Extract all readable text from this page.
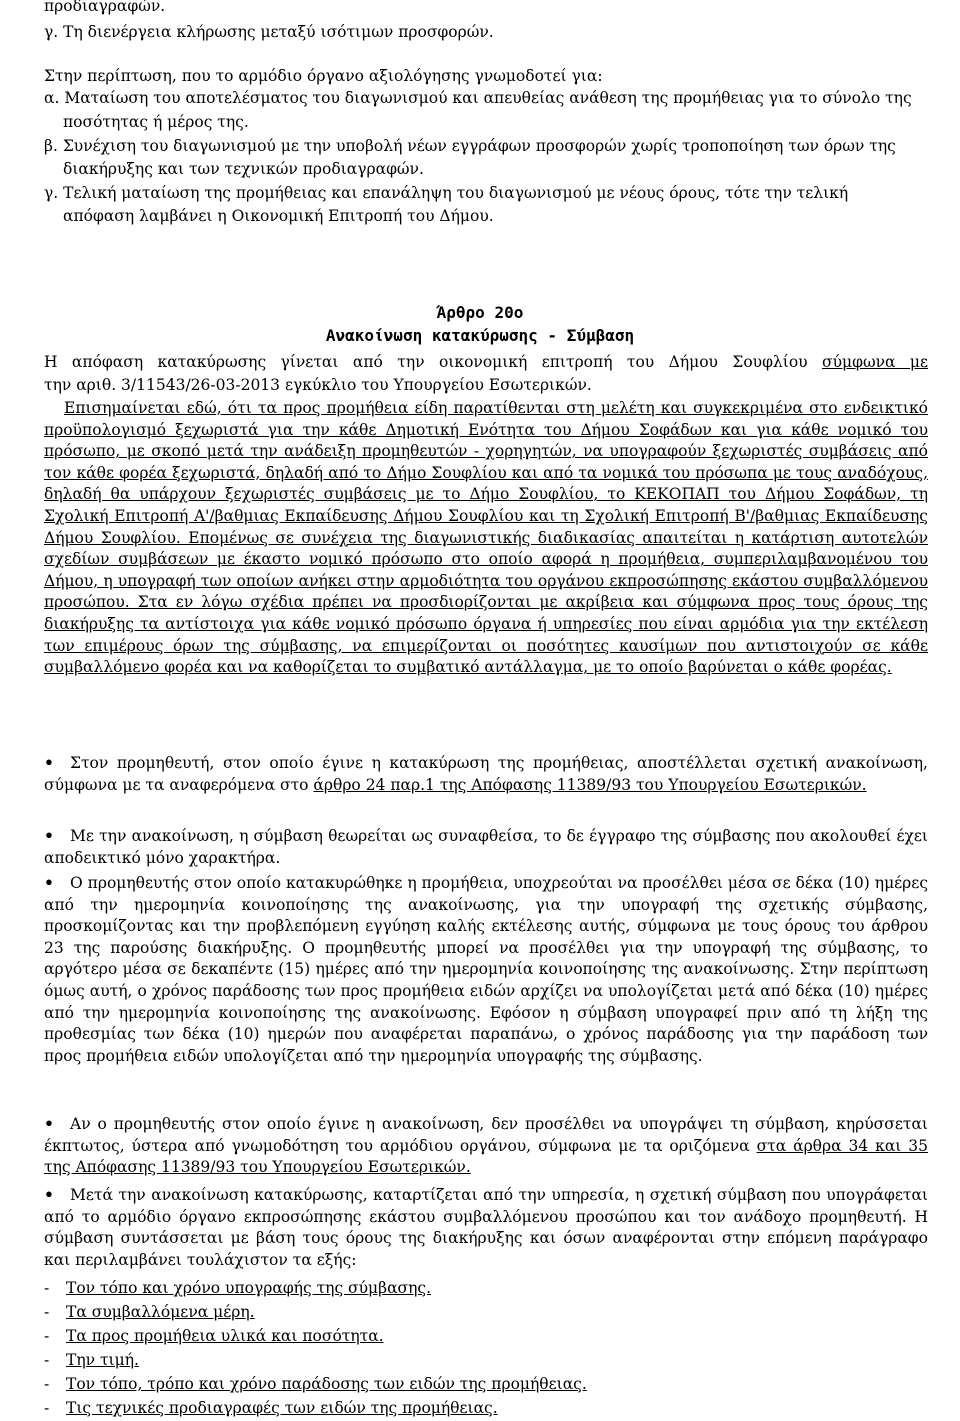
προδιαγραφών.
γ. Τη διενέργεια κλήρωσης μεταξύ ισότιμων προσφορών.
Στην περίπτωση, που το αρμόδιο όργανο αξιολόγησης γνωμοδοτεί για:
α. Ματαίωση του αποτελέσματος του διαγωνισμού και απευθείας ανάθεση της προμήθειας για το σύνολο της
ποσότητας ή μέρος της.
β. Συνέχιση του διαγωνισμού με την υποβολή νέων εγγράφων προσφορών χωρίς τροποποίηση των όρων της
διακήρυξης και των τεχνικών προδιαγραφών.
γ. Τελική ματαίωση της προμήθειας και επανάληψη του διαγωνισμού με νέους όρους, τότε την τελική
απόφαση λαμβάνει η Οικονομική Επιτροπή του Δήμου.
Άρθρο 20ο
Ανακοίνωση κατακύρωσης - Σύμβαση
Η απόφαση κατακύρωσης γίνεται από την οικονομική επιτροπή του Δήμου Σουφλίου σύμφωνα με
την αριθ. 3/11543/26-03-2013 εγκύκλιο του Υπουργείου Εσωτερικών.
Επισημαίνεται εδώ, ότι τα προς προμήθεια είδη παρατίθενται στη μελέτη και συγκεκριμένα στο ενδεικτικό προϋπολογισμό ξεχωριστά για την κάθε Δημοτική Ενότητα του Δήμου Σοφάδων και για κάθε νομικό του πρόσωπο, με σκοπό μετά την ανάδειξη προμηθευτών - χορηγητών, να υπογραφούν ξεχωριστές συμβάσεις από τον κάθε φορέα ξεχωριστά, δηλαδή από το Δήμο Σουφλίου και από τα νομικά του πρόσωπα με τους αναδόχους, δηλαδή θα υπάρχουν ξεχωριστές συμβάσεις με το Δήμο Σουφλίου, το ΚΕΚΟΠΑΠ του Δήμου Σοφάδων, τη Σχολική Επιτροπή Α'/βαθμιας Εκπαίδευσης Δήμου Σουφλίου και τη Σχολική Επιτροπή Β'/βαθμιας Εκπαίδευσης Δήμου Σουφλίου. Επομένως σε συνέχεια της διαγωνιστικής διαδικασίας απαιτείται η κατάρτιση αυτοτελών σχεδίων συμβάσεων με έκαστο νομικό πρόσωπο στο οποίο αφορά η προμήθεια, συμπεριλαμβανομένου του Δήμου, η υπογραφή των οποίων ανήκει στην αρμοδιότητα του οργάνου εκπροσώπησης εκάστου συμβαλλόμενου προσώπου. Στα εν λόγω σχέδια πρέπει να προσδιορίζονται με ακρίβεια και σύμφωνα προς τους όρους της διακήρυξης τα αντίστοιχα για κάθε νομικό πρόσωπο όργανα ή υπηρεσίες που είναι αρμόδια για την εκτέλεση των επιμέρους όρων της σύμβασης, να επιμερίζονται οι ποσότητες καυσίμων που αντιστοιχούν σε κάθε συμβαλλόμενο φορέα και να καθορίζεται το συμβατικό αντάλλαγμα, με το οποίο βαρύνεται ο κάθε φορέας.
• Στον προμηθευτή, στον οποίο έγινε η κατακύρωση της προμήθειας, αποστέλλεται σχετική ανακοίνωση, σύμφωνα με τα αναφερόμενα στο άρθρο 24 παρ.1 της Απόφασης 11389/93 του Υπουργείου Εσωτερικών.
• Με την ανακοίνωση, η σύμβαση θεωρείται ως συναφθείσα, το δε έγγραφο της σύμβασης που ακολουθεί έχει αποδεικτικό μόνο χαρακτήρα.
• Ο προμηθευτής στον οποίο κατακυρώθηκε η προμήθεια, υποχρεούται να προσέλθει μέσα σε δέκα (10) ημέρες από την ημερομηνία κοινοποίησης της ανακοίνωσης, για την υπογραφή της σχετικής σύμβασης, προσκομίζοντας και την προβλεπόμενη εγγύηση καλής εκτέλεσης αυτής, σύμφωνα με τους όρους του άρθρου 23 της παρούσης διακήρυξης. Ο προμηθευτής μπορεί να προσέλθει για την υπογραφή της σύμβασης, το αργότερο μέσα σε δεκαπέντε (15) ημέρες από την ημερομηνία κοινοποίησης της ανακοίνωσης. Στην περίπτωση όμως αυτή, ο χρόνος παράδοσης των προς προμήθεια ειδών αρχίζει να υπολογίζεται μετά από δέκα (10) ημέρες από την ημερομηνία κοινοποίησης της ανακοίνωσης. Εφόσον η σύμβαση υπογραφεί πριν από τη λήξη της προθεσμίας των δέκα (10) ημερών που αναφέρεται παραπάνω, ο χρόνος παράδοσης για την παράδοση των προς προμήθεια ειδών υπολογίζεται από την ημερομηνία υπογραφής της σύμβασης.
• Αν ο προμηθευτής στον οποίο έγινε η ανακοίνωση, δεν προσέλθει να υπογράψει τη σύμβαση, κηρύσσεται έκπτωτος, ύστερα από γνωμοδότηση του αρμόδιου οργάνου, σύμφωνα με τα οριζόμενα στα άρθρα 34 και 35 της Απόφασης 11389/93 του Υπουργείου Εσωτερικών.
• Μετά την ανακοίνωση κατακύρωσης, καταρτίζεται από την υπηρεσία, η σχετική σύμβαση που υπογράφεται από το αρμόδιο όργανο εκπροσώπησης εκάστου συμβαλλόμενου προσώπου και τον ανάδοχο προμηθευτή. Η σύμβαση συντάσσεται με βάση τους όρους της διακήρυξης και όσων αναφέρονται στην επόμενη παράγραφο και περιλαμβάνει τουλάχιστον τα εξής:
- Τον τόπο και χρόνο υπογραφής της σύμβασης.
- Τα συμβαλλόμενα μέρη.
- Τα προς προμήθεια υλικά και ποσότητα.
- Την τιμή.
- Τον τόπο, τρόπο και χρόνο παράδοσης των ειδών της προμήθειας.
- Τις τεχνικές προδιαγραφές των ειδών της προμήθειας.
